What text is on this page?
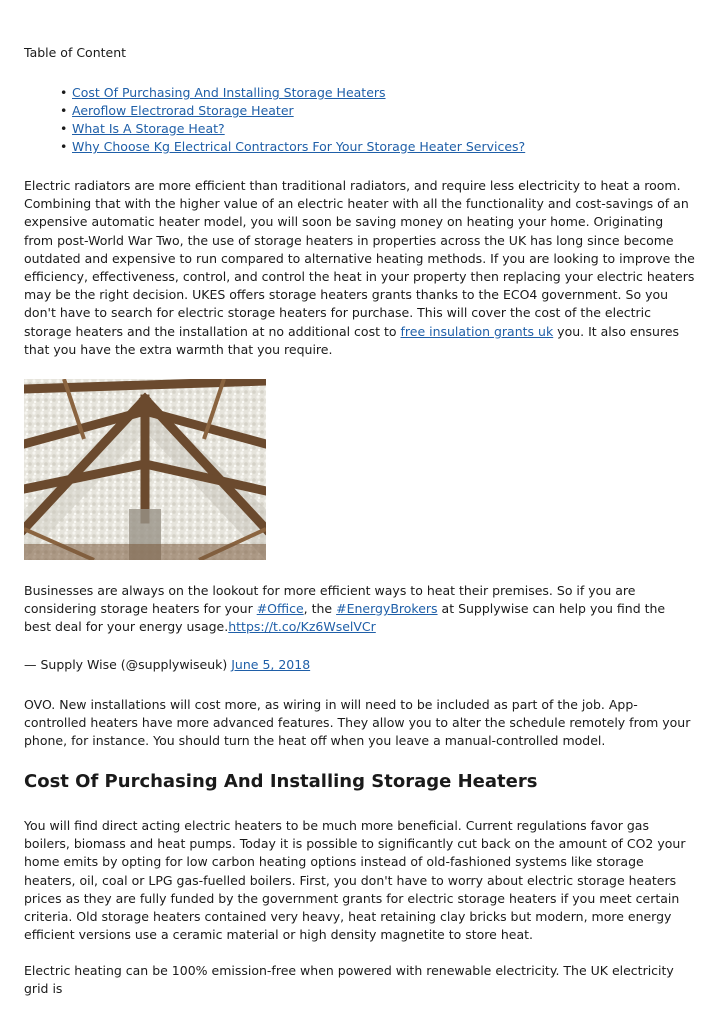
Table of Content
• Cost Of Purchasing And Installing Storage Heaters
• Aeroflow Electrorad Storage Heater
• What Is A Storage Heat?
• Why Choose Kg Electrical Contractors For Your Storage Heater Services?

Electric radiators are more efficient than traditional radiators, and require less electricity to heat a room. Combining that with the higher value of an electric heater with all the functionality and cost-savings of an expensive automatic heater model, you will soon be saving money on heating your home. Originating from post-World War Two, the use of storage heaters in properties across the UK has long since become outdated and expensive to run compared to alternative heating methods. If you are looking to improve the efficiency, effectiveness, control, and control the heat in your property then replacing your electric heaters may be the right decision. UKES offers storage heaters grants thanks to the ECO4 government. So you don't have to search for electric storage heaters for purchase. This will cover the cost of the electric storage heaters and the installation at no additional cost to free insulation grants uk you. It also ensures that you have the extra warmth that you require.

Businesses are always on the lookout for more efficient ways to heat their premises. So if you are considering storage heaters for your #Office, the #EnergyBrokers at Supplywise can help you find the best deal for your energy usage.https://t.co/Kz6WselVCr

— Supply Wise (@supplywiseuk) June 5, 2018

OVO. New installations will cost more, as wiring in will need to be included as part of the job. App-controlled heaters have more advanced features. They allow you to alter the schedule remotely from your phone, for instance. You should turn the heat off when you leave a manual-controlled model.

Cost Of Purchasing And Installing Storage Heaters

You will find direct acting electric heaters to be much more beneficial. Current regulations favor gas boilers, biomass and heat pumps. Today it is possible to significantly cut back on the amount of CO2 your home emits by opting for low carbon heating options instead of old-fashioned systems like storage heaters, oil, coal or LPG gas-fuelled boilers. First, you don't have to worry about electric storage heaters prices as they are fully funded by the government grants for electric storage heaters if you meet certain criteria. Old storage heaters contained very heavy, heat retaining clay bricks but modern, more energy efficient versions use a ceramic material or high density magnetite to store heat.

Electric heating can be 100% emission-free when powered with renewable electricity. The UK electricity grid is
